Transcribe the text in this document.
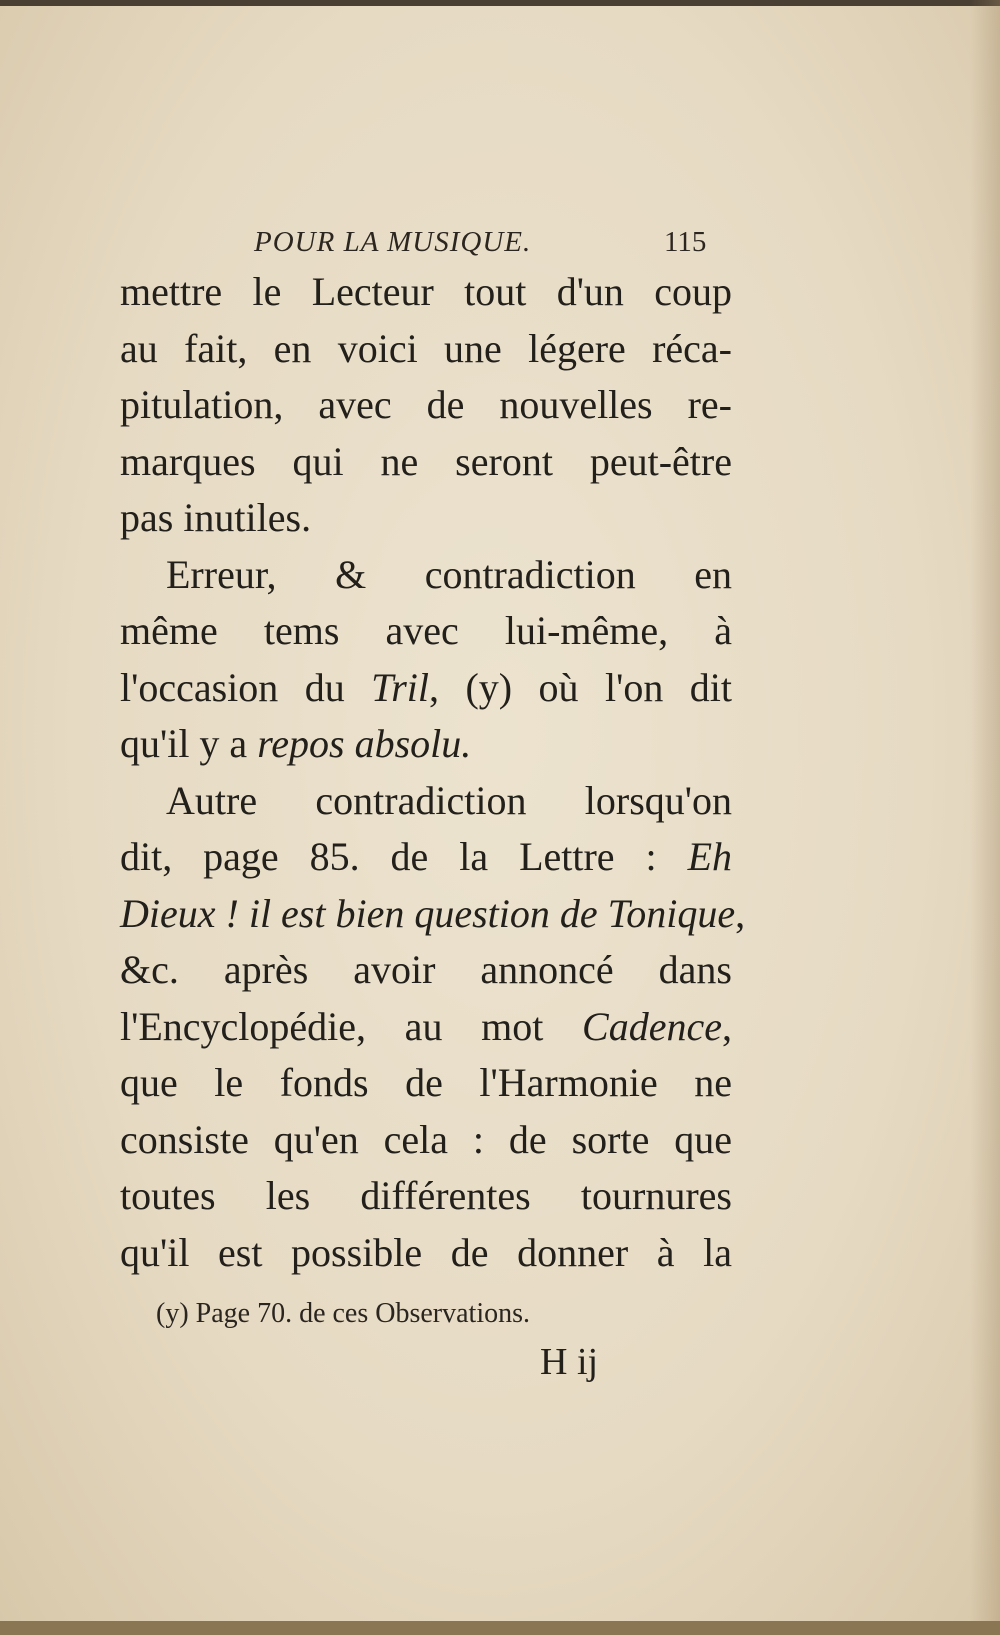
POUR LA MUSIQUE.	115
mettre le Lecteur tout d'un coup
au fait, en voici une légere réca-
pitulation, avec de nouvelles re-
marques qui ne seront peut-être
pas inutiles.
Erreur, & contradiction en
même tems avec lui-même, à
l'occasion du Tril, (y) où l'on dit
qu'il y a repos absolu.
Autre contradiction lorsqu'on
dit, page 85. de la Lettre : Eh
Dieux ! il est bien question de Tonique,
&c. après avoir annoncé dans
l'Encyclopédie, au mot Cadence,
que le fonds de l'Harmonie ne
consiste qu'en cela : de sorte que
toutes les différentes tournures
qu'il est possible de donner à la
(y) Page 70. de ces Observations.
H ij
